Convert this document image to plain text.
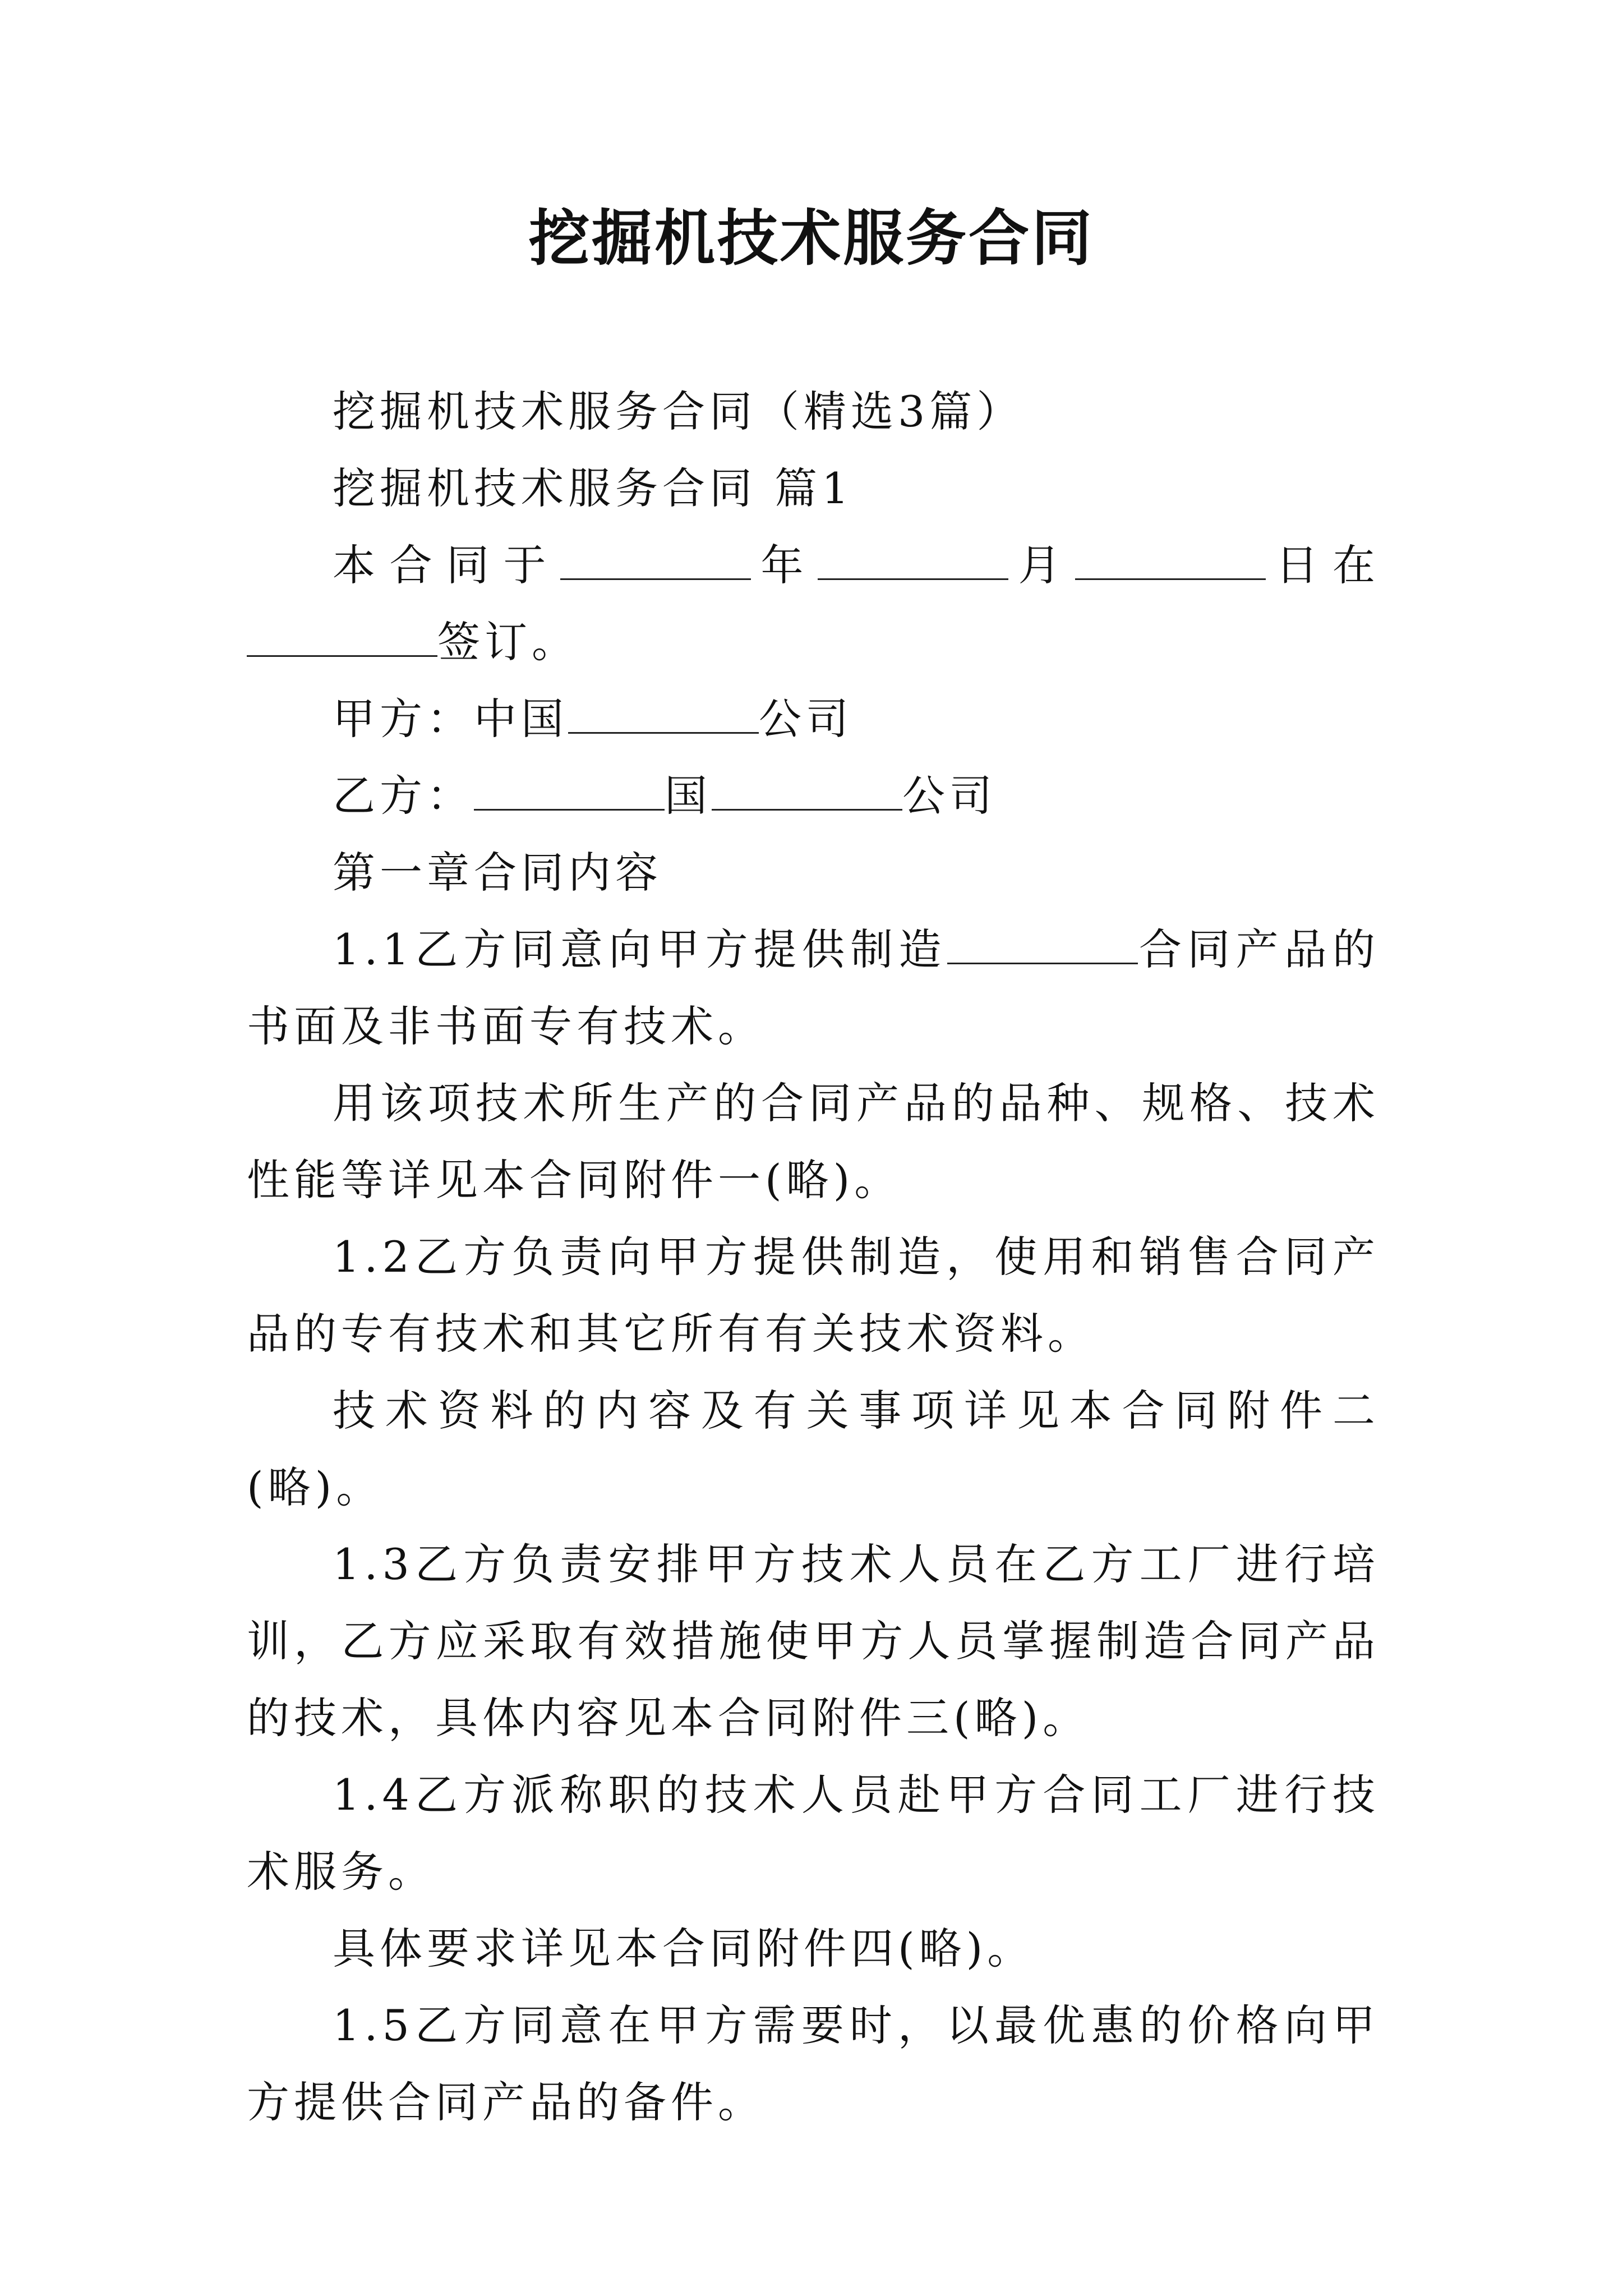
挖掘机技术服务合同

挖掘机技术服务合同（精选3篇）

挖掘机技术服务合同 篇1

本合同于	年	月	日在签订。

甲方：中国	公司

乙方：	国	公司

第一章合同内容

1.1乙方同意向甲方提供制造	合同产品的书面及非书面专有技术。

用该项技术所生产的合同产品的品种、规格、技术性能等详见本合同附件一(略)。

1.2乙方负责向甲方提供制造，使用和销售合同产品的专有技术和其它所有有关技术资料。

技术资料的内容及有关事项详见本合同附件二(略)。

1.3乙方负责安排甲方技术人员在乙方工厂进行培训，乙方应采取有效措施使甲方人员掌握制造合同产品的技术，具体内容见本合同附件三(略)。

1.4乙方派称职的技术人员赴甲方合同工厂进行技术服务。

具体要求详见本合同附件四(略)。

1.5乙方同意在甲方需要时，以最优惠的价格向甲方提供合同产品的备件。
